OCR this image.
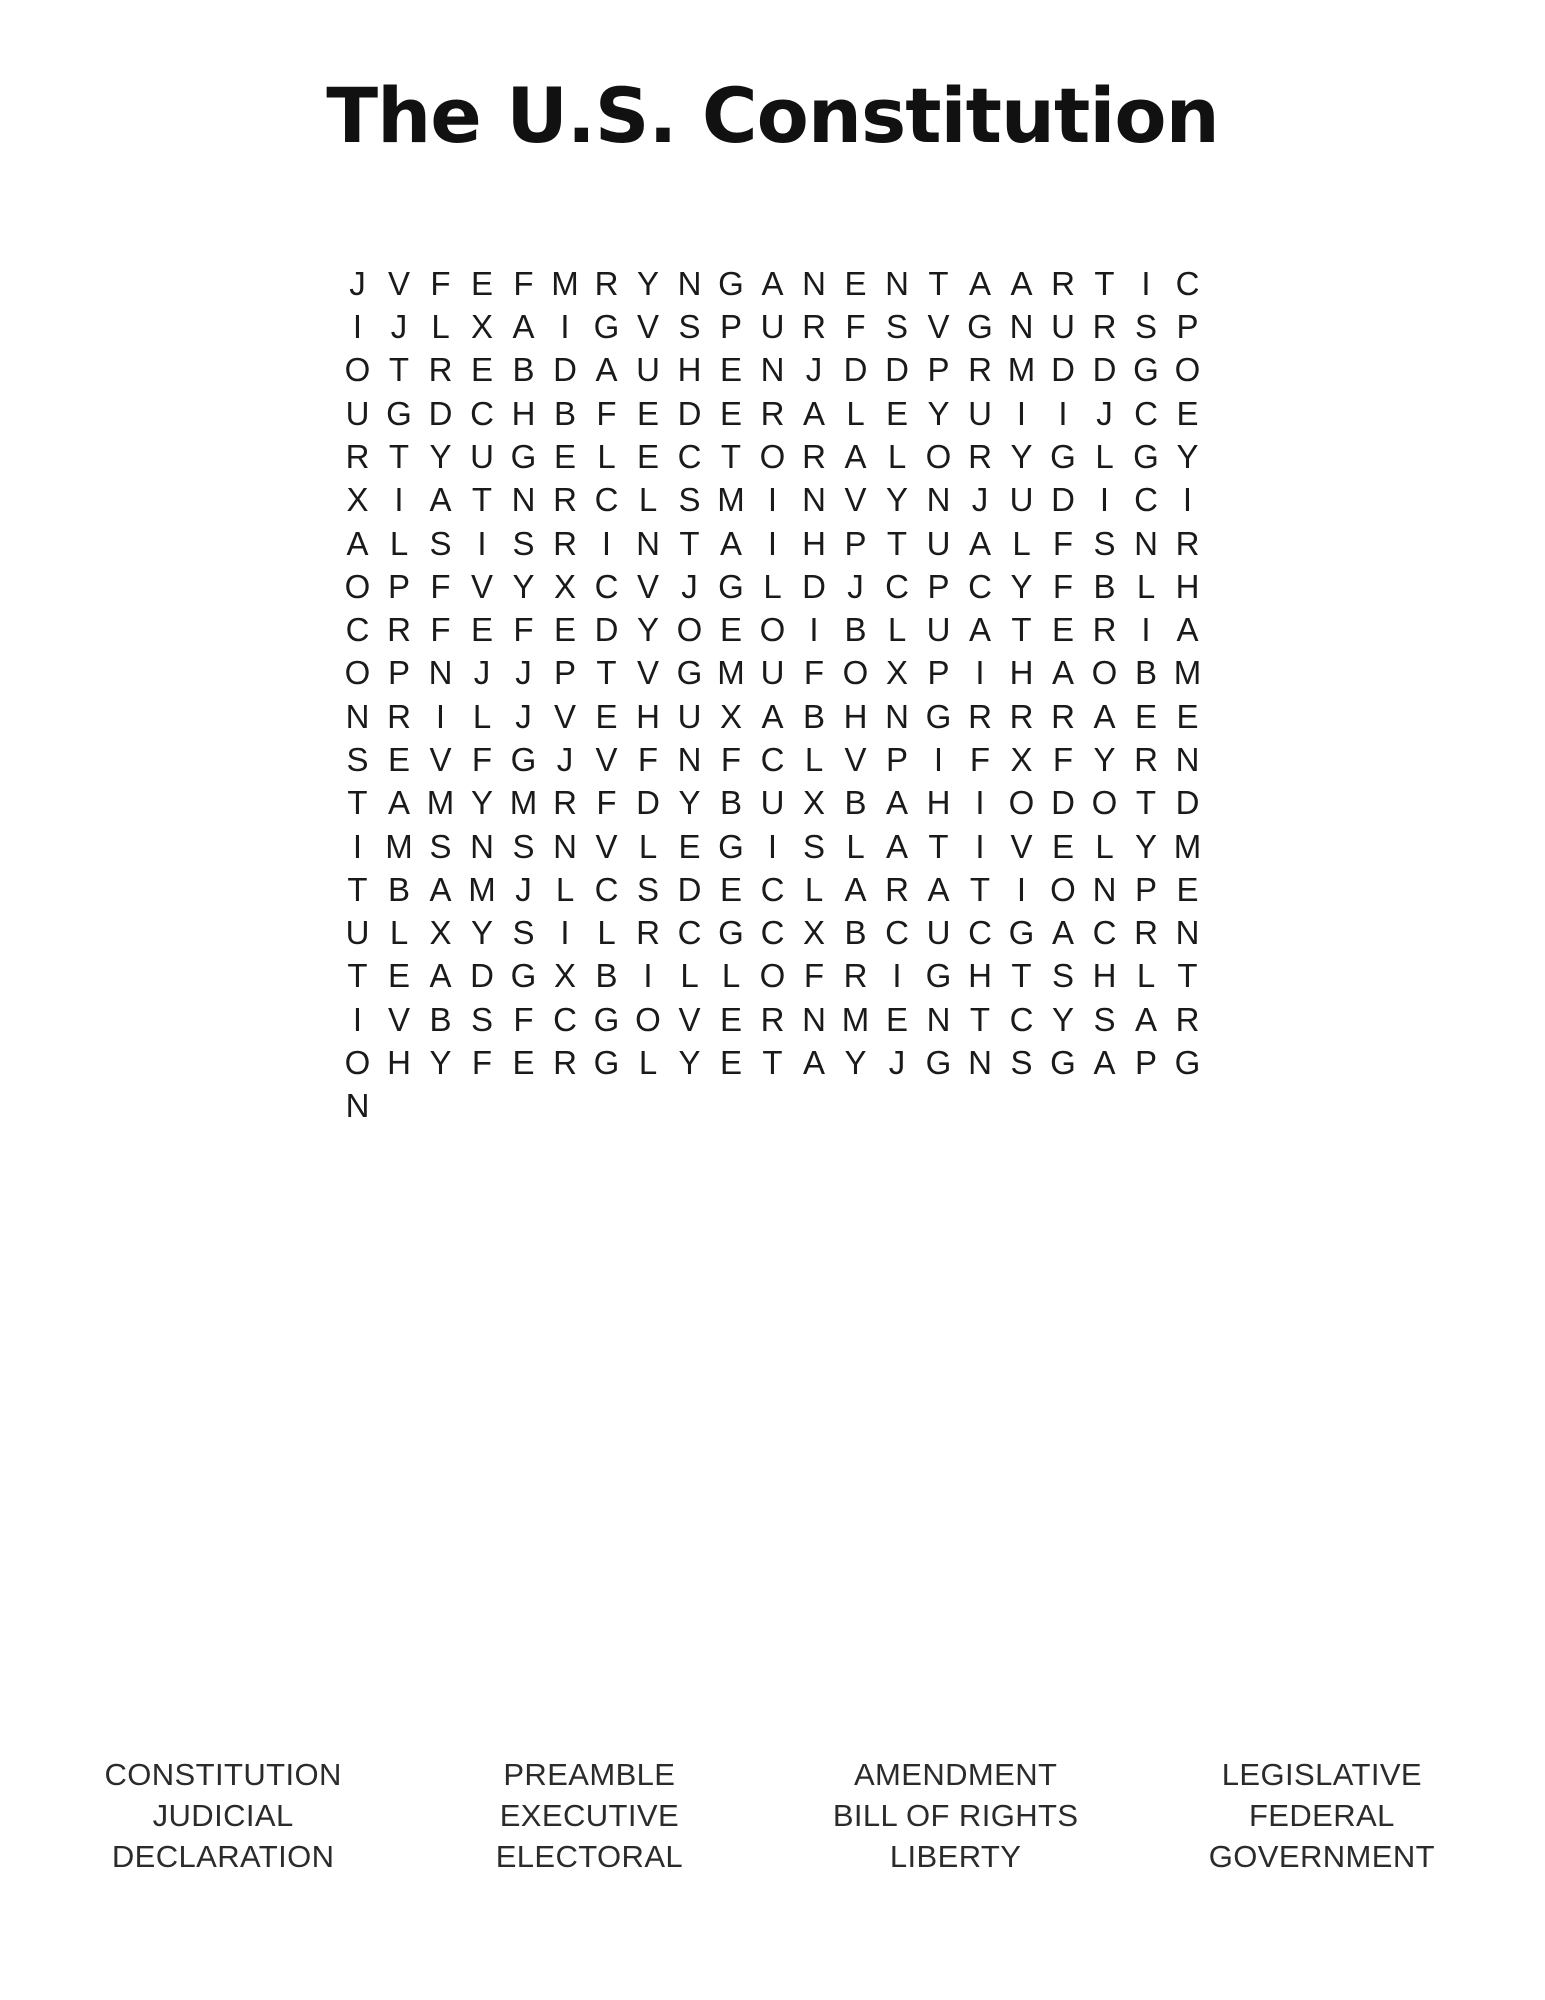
The U.S. Constitution
J V F E F M R Y N G A N E N T A A R T I C
I J L X A I G V S P U R F S V G N U R S P
O T R E B D A U H E N J D D P R M D D G O
U G D C H B F E D E R A L E Y U I I J C E
R T Y U G E L E C T O R A L O R Y G L G Y
X I A T N R C L S M I N V Y N J U D I C I
A L S I S R I N T A I H P T U A L F S N R
O P F V Y X C V J G L D J C P C Y F B L H
C R F E F E D Y O E O I B L U A T E R I A
O P N J J P T V G M U F O X P I H A O B M
N R I L J V E H U X A B H N G R R R A E E
S E V F G J V F N F C L V P I F X F Y R N
T A M Y M R F D Y B U X B A H I O D O T D
I M S N S N V L E G I S L A T I V E L Y M
T B A M J L C S D E C L A R A T I O N P E
U L X Y S I L R C G C X B C U C G A C R N
T E A D G X B I L L O F R I G H T S H L T
I V B S F C G O V E R N M E N T C Y S A R
O H Y F E R G L Y E T A Y J G N S G A P G
N
CONSTITUTION
JUDICIAL
DECLARATION
PREAMBLE
EXECUTIVE
ELECTORAL
AMENDMENT
BILL OF RIGHTS
LIBERTY
LEGISLATIVE
FEDERAL
GOVERNMENT
